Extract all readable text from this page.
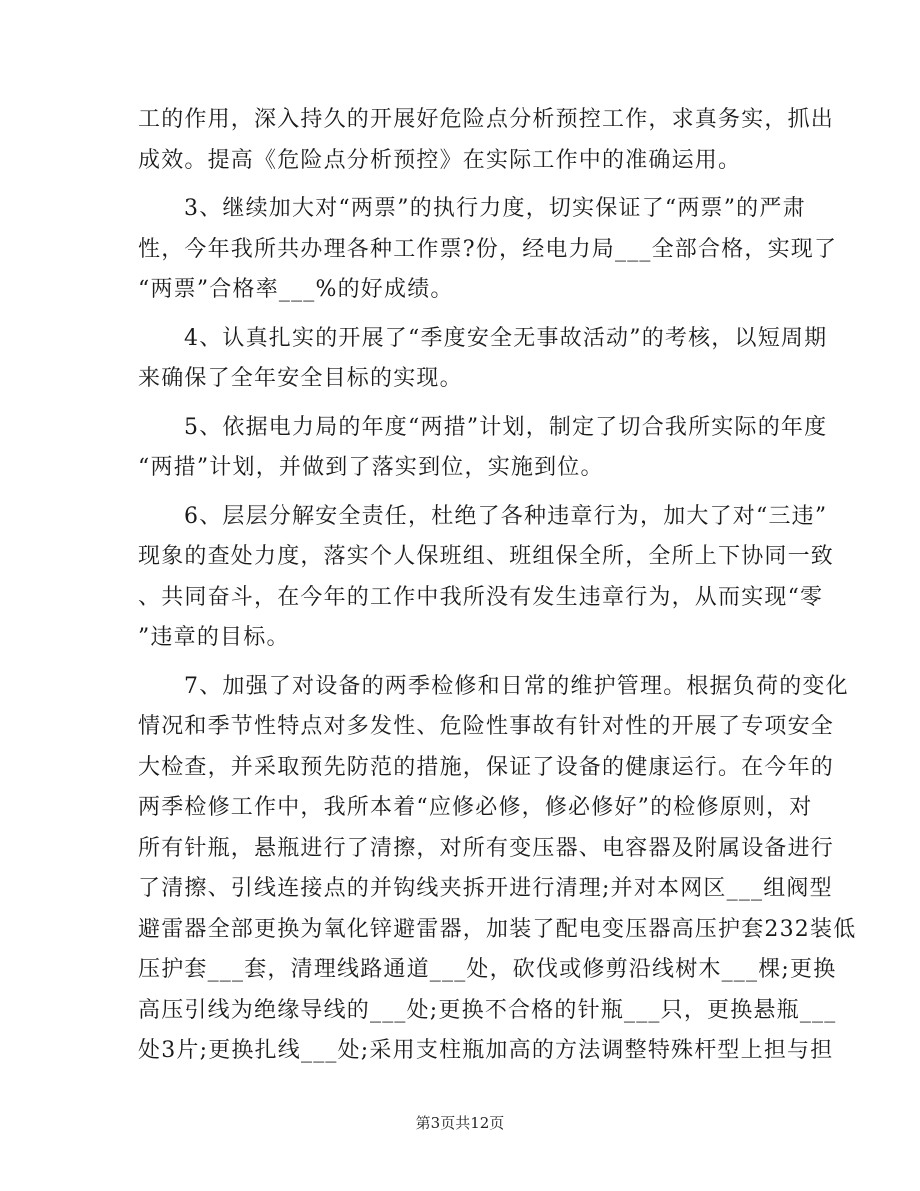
工的作用，深入持久的开展好危险点分析预控工作，求真务实，抓出
成效。提高《危险点分析预控》在实际工作中的准确运用。
3、继续加大对“两票”的执行力度，切实保证了“两票”的严肃
性，今年我所共办理各种工作票?份，经电力局___全部合格，实现了
“两票”合格率___%的好成绩。
4、认真扎实的开展了“季度安全无事故活动”的考核，以短周期
来确保了全年安全目标的实现。
5、依据电力局的年度“两措”计划，制定了切合我所实际的年度
“两措”计划，并做到了落实到位，实施到位。
6、层层分解安全责任，杜绝了各种违章行为，加大了对“三违”
现象的查处力度，落实个人保班组、班组保全所，全所上下协同一致
、共同奋斗，在今年的工作中我所没有发生违章行为，从而实现“零
”违章的目标。
7、加强了对设备的两季检修和日常的维护管理。根据负荷的变化
情况和季节性特点对多发性、危险性事故有针对性的开展了专项安全
大检查，并采取预先防范的措施，保证了设备的健康运行。在今年的
两季检修工作中，我所本着“应修必修，修必修好”的检修原则，对
所有针瓶，悬瓶进行了清擦，对所有变压器、电容器及附属设备进行
了清擦、引线连接点的并钩线夹拆开进行清理;并对本网区___组阀型
避雷器全部更换为氧化锌避雷器，加装了配电变压器高压护套232装低
压护套___套，清理线路通道___处，砍伐或修剪沿线树木___棵;更换
高压引线为绝缘导线的___处;更换不合格的针瓶___只，更换悬瓶___
处3片;更换扎线___处;采用支柱瓶加高的方法调整特殊杆型上担与担
第3页共12页
